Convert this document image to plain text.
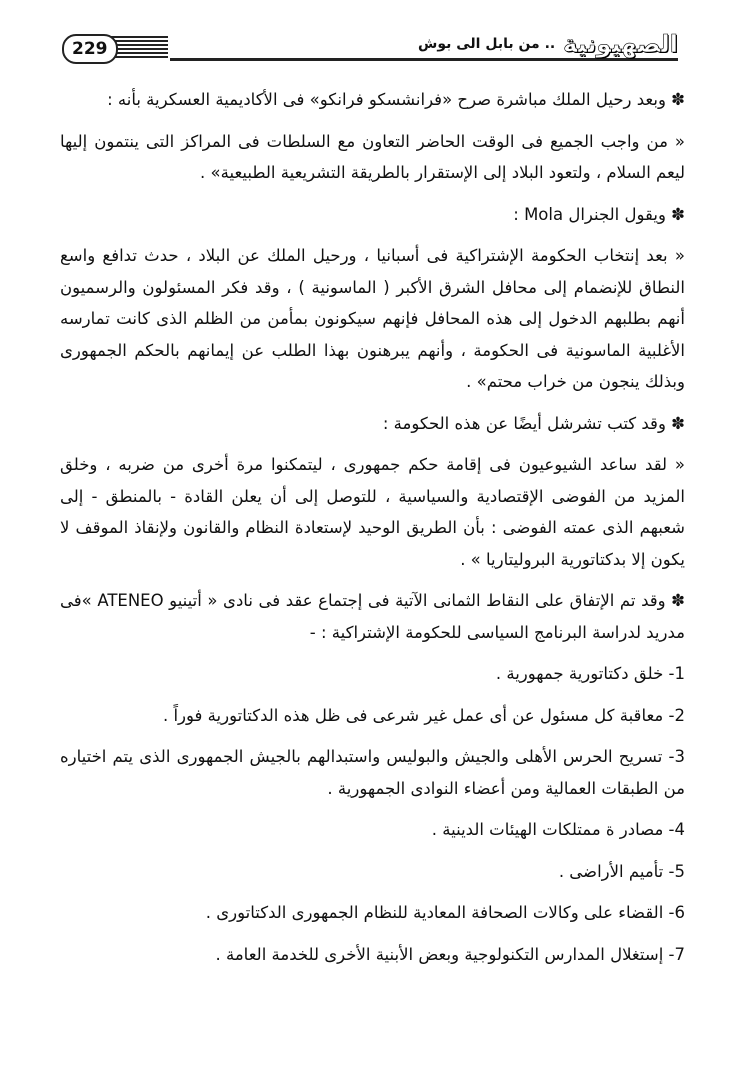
229	.. من بابل الى بوش الصهيونية

✽ وبعد رحيل الملك مباشرة صرح «فرانشسكو فرانكو» فى الأكاديمية العسكرية بأنه :

« من واجب الجميع فى الوقت الحاضر التعاون مع السلطات فى المراكز التى ينتمون إليها ليعم السلام ، ولتعود البلاد إلى الإستقرار بالطريقة التشريعية الطبيعية» .

✽ ويقول الجنرال Mola :

« بعد إنتخاب الحكومة الإشتراكية فى أسبانيا ، ورحيل الملك عن البلاد ، حدث تدافع واسع النطاق للإنضمام إلى محافل الشرق الأكبر ( الماسونية ) ، وقد فكر المسئولون والرسميون أنهم بطلبهم الدخول إلى هذه المحافل فإنهم سيكونون بمأمن من الظلم الذى كانت تمارسه الأغلبية الماسونية فى الحكومة ، وأنهم يبرهنون بهذا الطلب عن إيمانهم بالحكم الجمهورى وبذلك ينجون من خراب محتم» .

✽ وقد كتب تشرشل أيضًا عن هذه الحكومة :

« لقد ساعد الشيوعيون فى إقامة حكم جمهورى ، ليتمكنوا مرة أخرى من ضربه ، وخلق المزيد من الفوضى الإقتصادية والسياسية ، للتوصل إلى أن يعلن القادة - بالمنطق - إلى شعبهم الذى عمته الفوضى : بأن الطريق الوحيد لإستعادة النظام والقانون ولإنقاذ الموقف لا يكون إلا بدكتاتورية البروليتاريا » .

✽ وقد تم الإتفاق على النقاط الثمانى الآتية فى إجتماع عقد فى نادى « أتينيو ATENEO »فى مدريد لدراسة البرنامج السياسى للحكومة الإشتراكية : -

1- خلق دكتاتورية جمهورية .

2- معاقبة كل مسئول عن أى عمل غير شرعى فى ظل هذه الدكتاتورية فوراً .

3- تسريح الحرس الأهلى والجيش والبوليس واستبدالهم بالجيش الجمهورى الذى يتم اختياره من الطبقات العمالية ومن أعضاء النوادى الجمهورية .

4- مصادر ة ممتلكات الهيئات الدينية .

5- تأميم الأراضى .

6- القضاء على وكالات الصحافة المعادية للنظام الجمهورى الدكتاتورى .

7- إستغلال المدارس التكنولوجية وبعض الأبنية الأخرى للخدمة العامة .
